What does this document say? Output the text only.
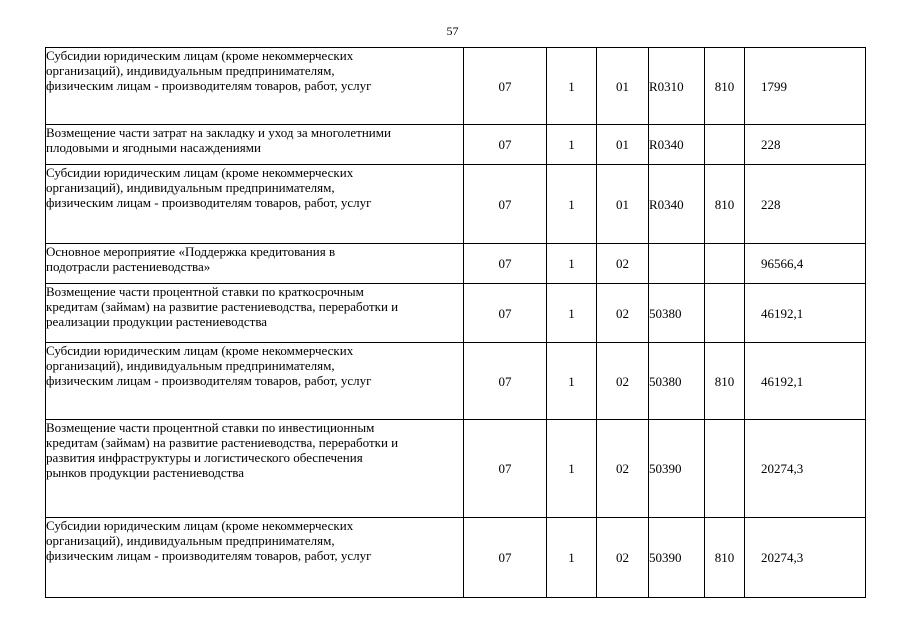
57
Субсидии юридическим лицам (кроме некоммерческих
организаций), индивидуальным предпринимателям,
физическим лицам - производителям товаров, работ, услуг	07	1	01	R0310	810	1799

Возмещение части затрат на закладку и уход за многолетними
плодовыми и ягодными насаждениями	07	1	01	R0340		228

Субсидии юридическим лицам (кроме некоммерческих
организаций), индивидуальным предпринимателям,
физическим лицам - производителям товаров, работ, услуг	07	1	01	R0340	810	228

Основное мероприятие «Поддержка кредитования в
подотрасли растениеводства»	07	1	02			96566,4

Возмещение части процентной ставки по краткосрочным
кредитам (займам) на развитие растениеводства, переработки и
реализации продукции растениеводства	07	1	02	50380		46192,1

Субсидии юридическим лицам (кроме некоммерческих
организаций), индивидуальным предпринимателям,
физическим лицам - производителям товаров, работ, услуг	07	1	02	50380	810	46192,1

Возмещение части процентной ставки по инвестиционным
кредитам (займам) на развитие растениеводства, переработки и
развития инфраструктуры и логистического обеспечения
рынков продукции растениеводства	07	1	02	50390		20274,3

Субсидии юридическим лицам (кроме некоммерческих
организаций), индивидуальным предпринимателям,
физическим лицам - производителям товаров, работ, услуг	07	1	02	50390	810	20274,3
